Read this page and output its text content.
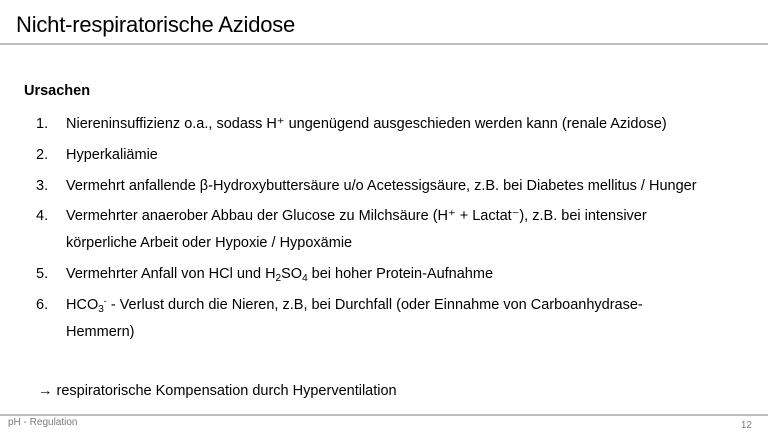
Nicht-respiratorische Azidose
Ursachen
1. Niereninsuffizienz o.a., sodass H⁺ ungenügend ausgeschieden werden kann (renale Azidose)
2. Hyperkaliämie
3. Vermehrt anfallende β-Hydroxybuttersäure u/o Acetessigsäure, z.B. bei Diabetes mellitus / Hunger
4. Vermehrter anaerober Abbau der Glucose zu Milchsäure (H⁺ + Lactat⁻), z.B. bei intensiver
körperliche Arbeit oder Hypoxie / Hypoxämie
5. Vermehrter Anfall von HCl und $H_2SO_4$ bei hoher Protein-Aufnahme
6. $HCO_3^-$ - Verlust durch die Nieren, z.B, bei Durchfall (oder Einnahme von Carboanhydrase-
Hemmern)
→ respiratorische Kompensation durch Hyperventilation
pH - Regulation	12
